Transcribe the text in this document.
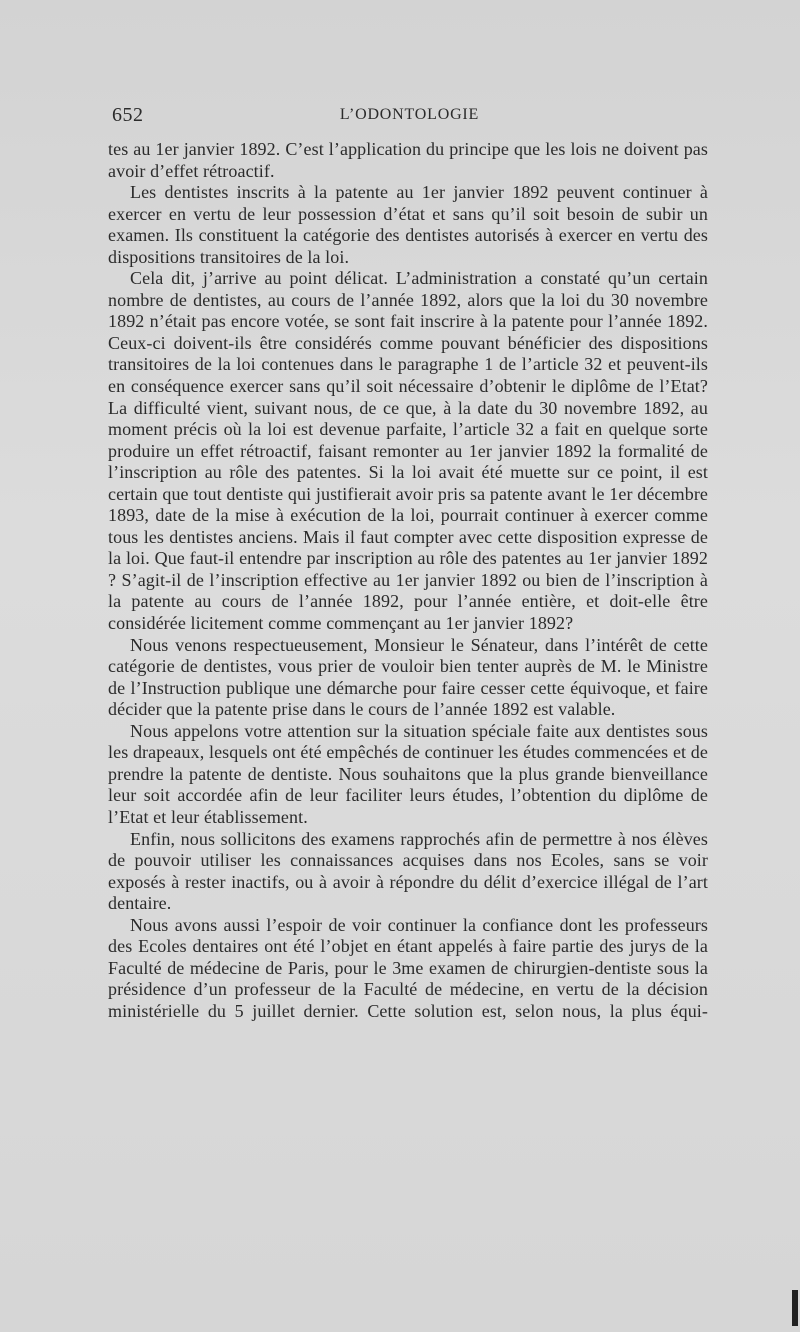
652	L’ODONTOLOGIE

tes au 1er janvier 1892. C’est l’application du principe que les lois ne doivent pas avoir d’effet rétroactif.

Les dentistes inscrits à la patente au 1er janvier 1892 peuvent continuer à exercer en vertu de leur possession d’état et sans qu’il soit besoin de subir un examen. Ils constituent la catégorie des dentistes autorisés à exercer en vertu des dispositions transitoires de la loi.

Cela dit, j’arrive au point délicat. L’administration a constaté qu’un certain nombre de dentistes, au cours de l’année 1892, alors que la loi du 30 novembre 1892 n’était pas encore votée, se sont fait inscrire à la patente pour l’année 1892. Ceux-ci doivent-ils être considérés comme pouvant bénéficier des dispositions transitoires de la loi contenues dans le paragraphe 1 de l’article 32 et peuvent-ils en conséquence exercer sans qu’il soit nécessaire d’obtenir le diplôme de l’Etat? La difficulté vient, suivant nous, de ce que, à la date du 30 novembre 1892, au moment précis où la loi est devenue parfaite, l’article 32 a fait en quelque sorte produire un effet rétroactif, faisant remonter au 1er janvier 1892 la formalité de l’inscription au rôle des patentes. Si la loi avait été muette sur ce point, il est certain que tout dentiste qui justifierait avoir pris sa patente avant le 1er décembre 1893, date de la mise à exécution de la loi, pourrait continuer à exercer comme tous les dentistes anciens. Mais il faut compter avec cette disposition expresse de la loi. Que faut-il entendre par inscription au rôle des patentes au 1er janvier 1892 ? S’agit-il de l’inscription effective au 1er janvier 1892 ou bien de l’inscription à la patente au cours de l’année 1892, pour l’année entière, et doit-elle être considérée licitement comme commençant au 1er janvier 1892?

Nous venons respectueusement, Monsieur le Sénateur, dans l’intérêt de cette catégorie de dentistes, vous prier de vouloir bien tenter auprès de M. le Ministre de l’Instruction publique une démarche pour faire cesser cette équivoque, et faire décider que la patente prise dans le cours de l’année 1892 est valable.

Nous appelons votre attention sur la situation spéciale faite aux dentistes sous les drapeaux, lesquels ont été empêchés de continuer les études commencées et de prendre la patente de dentiste. Nous souhaitons que la plus grande bienveillance leur soit accordée afin de leur faciliter leurs études, l’obtention du diplôme de l’Etat et leur établissement.

Enfin, nous sollicitons des examens rapprochés afin de permettre à nos élèves de pouvoir utiliser les connaissances acquises dans nos Ecoles, sans se voir exposés à rester inactifs, ou à avoir à répondre du délit d’exercice illégal de l’art dentaire.

Nous avons aussi l’espoir de voir continuer la confiance dont les professeurs des Ecoles dentaires ont été l’objet en étant appelés à faire partie des jurys de la Faculté de médecine de Paris, pour le 3me examen de chirurgien-dentiste sous la présidence d’un professeur de la Faculté de médecine, en vertu de la décision ministérielle du 5 juillet dernier. Cette solution est, selon nous, la plus équi-
